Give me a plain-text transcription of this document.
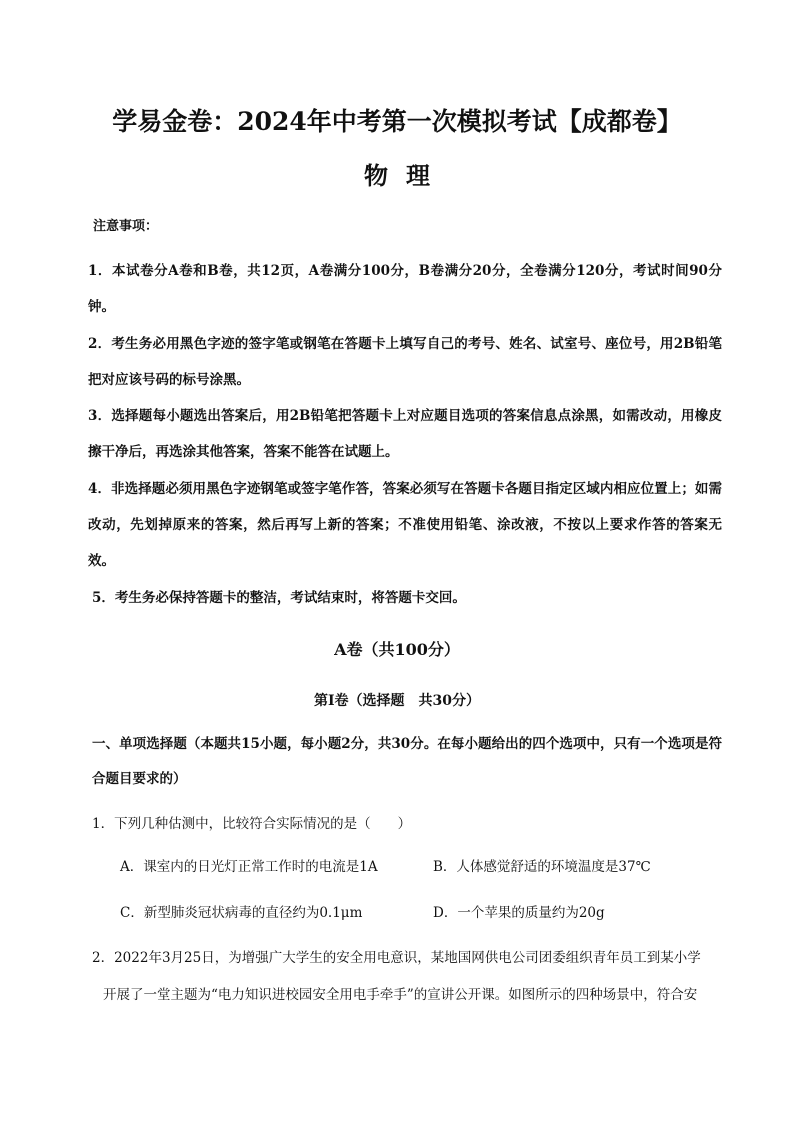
学易金卷：2024年中考第一次模拟考试【成都卷】
物理
注意事项：
1．本试卷分A卷和B卷，共12页，A卷满分100分，B卷满分20分，全卷满分120分，考试时间90分钟。
2．考生务必用黑色字迹的签字笔或钢笔在答题卡上填写自己的考号、姓名、试室号、座位号，用2B铅笔把对应该号码的标号涂黑。
3．选择题每小题选出答案后，用2B铅笔把答题卡上对应题目选项的答案信息点涂黑，如需改动，用橡皮擦干净后，再选涂其他答案，答案不能答在试题上。
4．非选择题必须用黑色字迹钢笔或签字笔作答，答案必须写在答题卡各题目指定区域内相应位置上；如需改动，先划掉原来的答案，然后再写上新的答案；不准使用铅笔、涂改液，不按以上要求作答的答案无效。
5．考生务必保持答题卡的整洁，考试结束时，将答题卡交回。
A卷（共100分）
第Ⅰ卷（选择题　共30分）
一、单项选择题（本题共15小题，每小题2分，共30分。在每小题给出的四个选项中，只有一个选项是符合题目要求的）
1．下列几种估测中，比较符合实际情况的是（　　）
A．课室内的日光灯正常工作时的电流是1A	B．人体感觉舒适的环境温度是37℃
C．新型肺炎冠状病毒的直径约为0.1μm	D．一个苹果的质量约为20g
2．2022年3月25日，为增强广大学生的安全用电意识，某地国网供电公司团委组织青年员工到某小学
开展了一堂主题为“电力知识进校园安全用电手牵手”的宣讲公开课。如图所示的四种场景中，符合安
